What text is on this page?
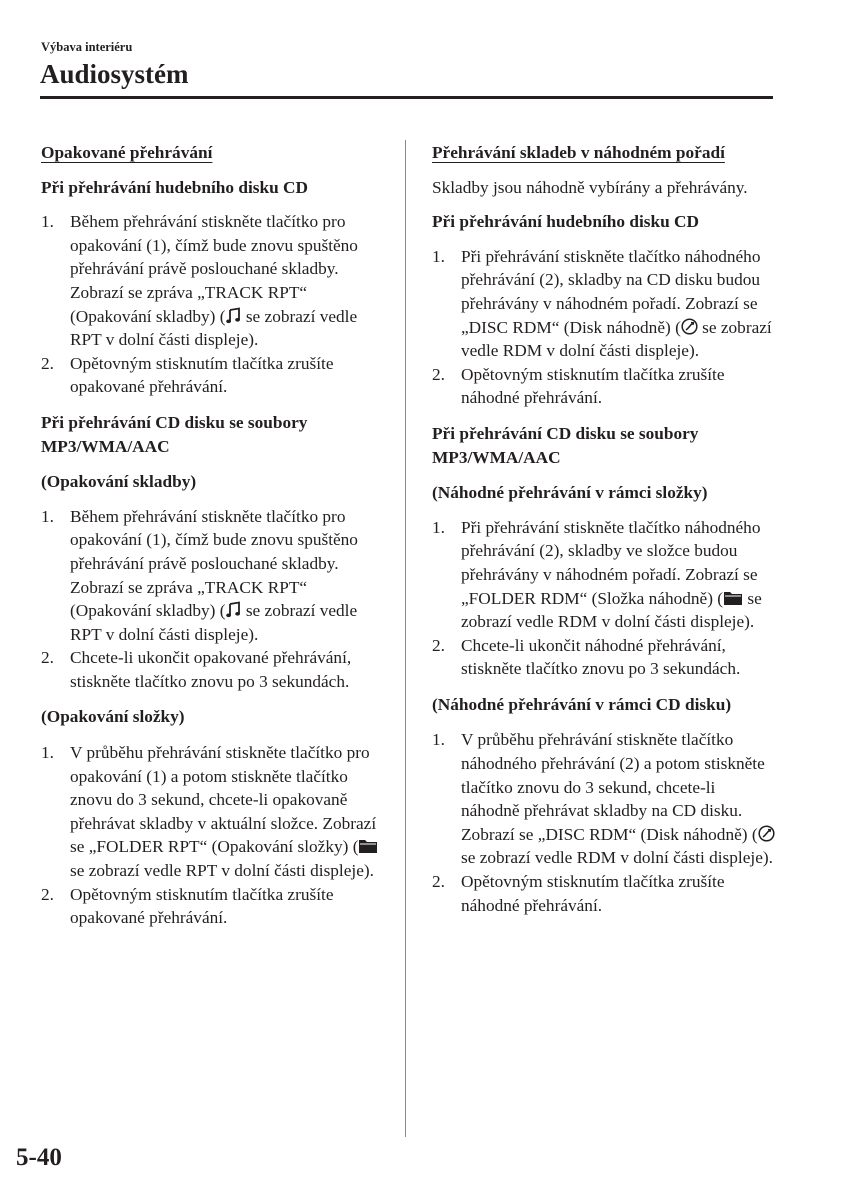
Výbava interiéru
Audiosystém

Opakované přehrávání

Při přehrávání hudebního disku CD

1. Během přehrávání stiskněte tlačítko pro opakování (1), čímž bude znovu spuštěno přehrávání právě poslouchané skladby. Zobrazí se zpráva „TRACK RPT“ (Opakování skladby) ( se zobrazí vedle RPT v dolní části displeje).
2. Opětovným stisknutím tlačítka zrušíte opakované přehrávání.

Při přehrávání CD disku se soubory MP3/WMA/AAC

(Opakování skladby)

1. Během přehrávání stiskněte tlačítko pro opakování (1), čímž bude znovu spuštěno přehrávání právě poslouchané skladby. Zobrazí se zpráva „TRACK RPT“ (Opakování skladby) ( se zobrazí vedle RPT v dolní části displeje).
2. Chcete-li ukončit opakované přehrávání, stiskněte tlačítko znovu po 3 sekundách.

(Opakování složky)

1. V průběhu přehrávání stiskněte tlačítko pro opakování (1) a potom stiskněte tlačítko znovu do 3 sekund, chcete-li opakovaně přehrávat skladby v aktuální složce. Zobrazí se „FOLDER RPT“ (Opakování složky) ( se zobrazí vedle RPT v dolní části displeje).
2. Opětovným stisknutím tlačítka zrušíte opakované přehrávání.

Přehrávání skladeb v náhodném pořadí

Skladby jsou náhodně vybírány a přehrávány.

Při přehrávání hudebního disku CD

1. Při přehrávání stiskněte tlačítko náhodného přehrávání (2), skladby na CD disku budou přehrávány v náhodném pořadí. Zobrazí se „DISC RDM“ (Disk náhodně) ( se zobrazí vedle RDM v dolní části displeje).
2. Opětovným stisknutím tlačítka zrušíte náhodné přehrávání.

Při přehrávání CD disku se soubory MP3/WMA/AAC

(Náhodné přehrávání v rámci složky)

1. Při přehrávání stiskněte tlačítko náhodného přehrávání (2), skladby ve složce budou přehrávány v náhodném pořadí. Zobrazí se „FOLDER RDM“ (Složka náhodně) ( se zobrazí vedle RDM v dolní části displeje).
2. Chcete-li ukončit náhodné přehrávání, stiskněte tlačítko znovu po 3 sekundách.

(Náhodné přehrávání v rámci CD disku)

1. V průběhu přehrávání stiskněte tlačítko náhodného přehrávání (2) a potom stiskněte tlačítko znovu do 3 sekund, chcete-li náhodně přehrávat skladby na CD disku. Zobrazí se „DISC RDM“ (Disk náhodně) ( se zobrazí vedle RDM v dolní části displeje).
2. Opětovným stisknutím tlačítka zrušíte náhodné přehrávání.
5-40
